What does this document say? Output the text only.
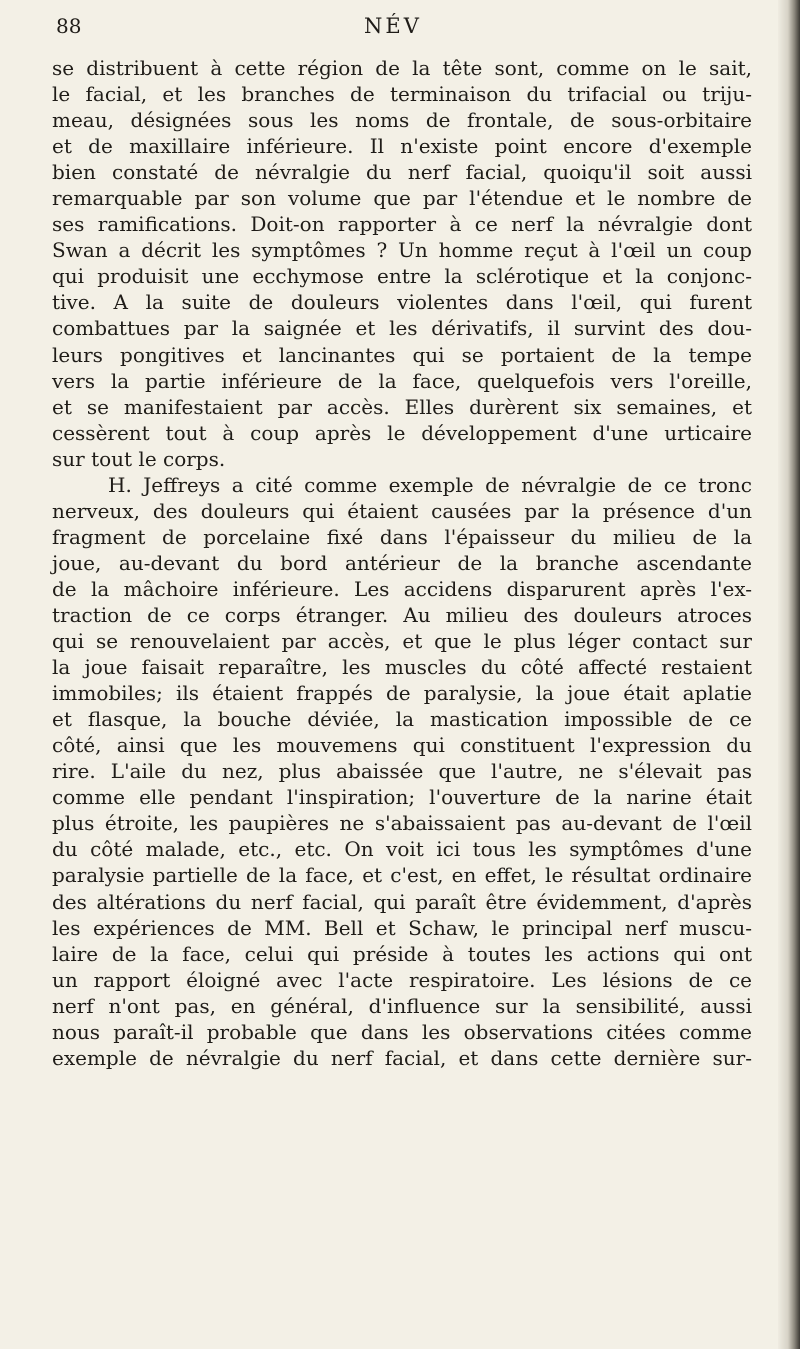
88	NÉV

se distribuent à cette région de la tête sont, comme on le sait,
le facial, et les branches de terminaison du trifacial ou triju-
meau, désignées sous les noms de frontale, de sous-orbitaire
et de maxillaire inférieure. Il n'existe point encore d'exemple
bien constaté de névralgie du nerf facial, quoiqu'il soit aussi
remarquable par son volume que par l'étendue et le nombre de
ses ramifications. Doit-on rapporter à ce nerf la névralgie dont
Swan a décrit les symptômes ? Un homme reçut à l'œil un coup
qui produisit une ecchymose entre la sclérotique et la conjonc-
tive. A la suite de douleurs violentes dans l'œil, qui furent
combattues par la saignée et les dérivatifs, il survint des dou-
leurs pongitives et lancinantes qui se portaient de la tempe
vers la partie inférieure de la face, quelquefois vers l'oreille,
et se manifestaient par accès. Elles durèrent six semaines, et
cessèrent tout à coup après le développement d'une urticaire
sur tout le corps.

H. Jeffreys a cité comme exemple de névralgie de ce tronc
nerveux, des douleurs qui étaient causées par la présence d'un
fragment de porcelaine fixé dans l'épaisseur du milieu de la
joue, au-devant du bord antérieur de la branche ascendante
de la mâchoire inférieure. Les accidens disparurent après l'ex-
traction de ce corps étranger. Au milieu des douleurs atroces
qui se renouvelaient par accès, et que le plus léger contact sur
la joue faisait reparaître, les muscles du côté affecté restaient
immobiles; ils étaient frappés de paralysie, la joue était aplatie
et flasque, la bouche déviée, la mastication impossible de ce
côté, ainsi que les mouvemens qui constituent l'expression du
rire. L'aile du nez, plus abaissée que l'autre, ne s'élevait pas
comme elle pendant l'inspiration; l'ouverture de la narine était
plus étroite, les paupières ne s'abaissaient pas au-devant de l'œil
du côté malade, etc., etc. On voit ici tous les symptômes d'une
paralysie partielle de la face, et c'est, en effet, le résultat ordinaire
des altérations du nerf facial, qui paraît être évidemment, d'après
les expériences de MM. Bell et Schaw, le principal nerf muscu-
laire de la face, celui qui préside à toutes les actions qui ont
un rapport éloigné avec l'acte respiratoire. Les lésions de ce
nerf n'ont pas, en général, d'influence sur la sensibilité, aussi
nous paraît-il probable que dans les observations citées comme
exemple de névralgie du nerf facial, et dans cette dernière sur-
